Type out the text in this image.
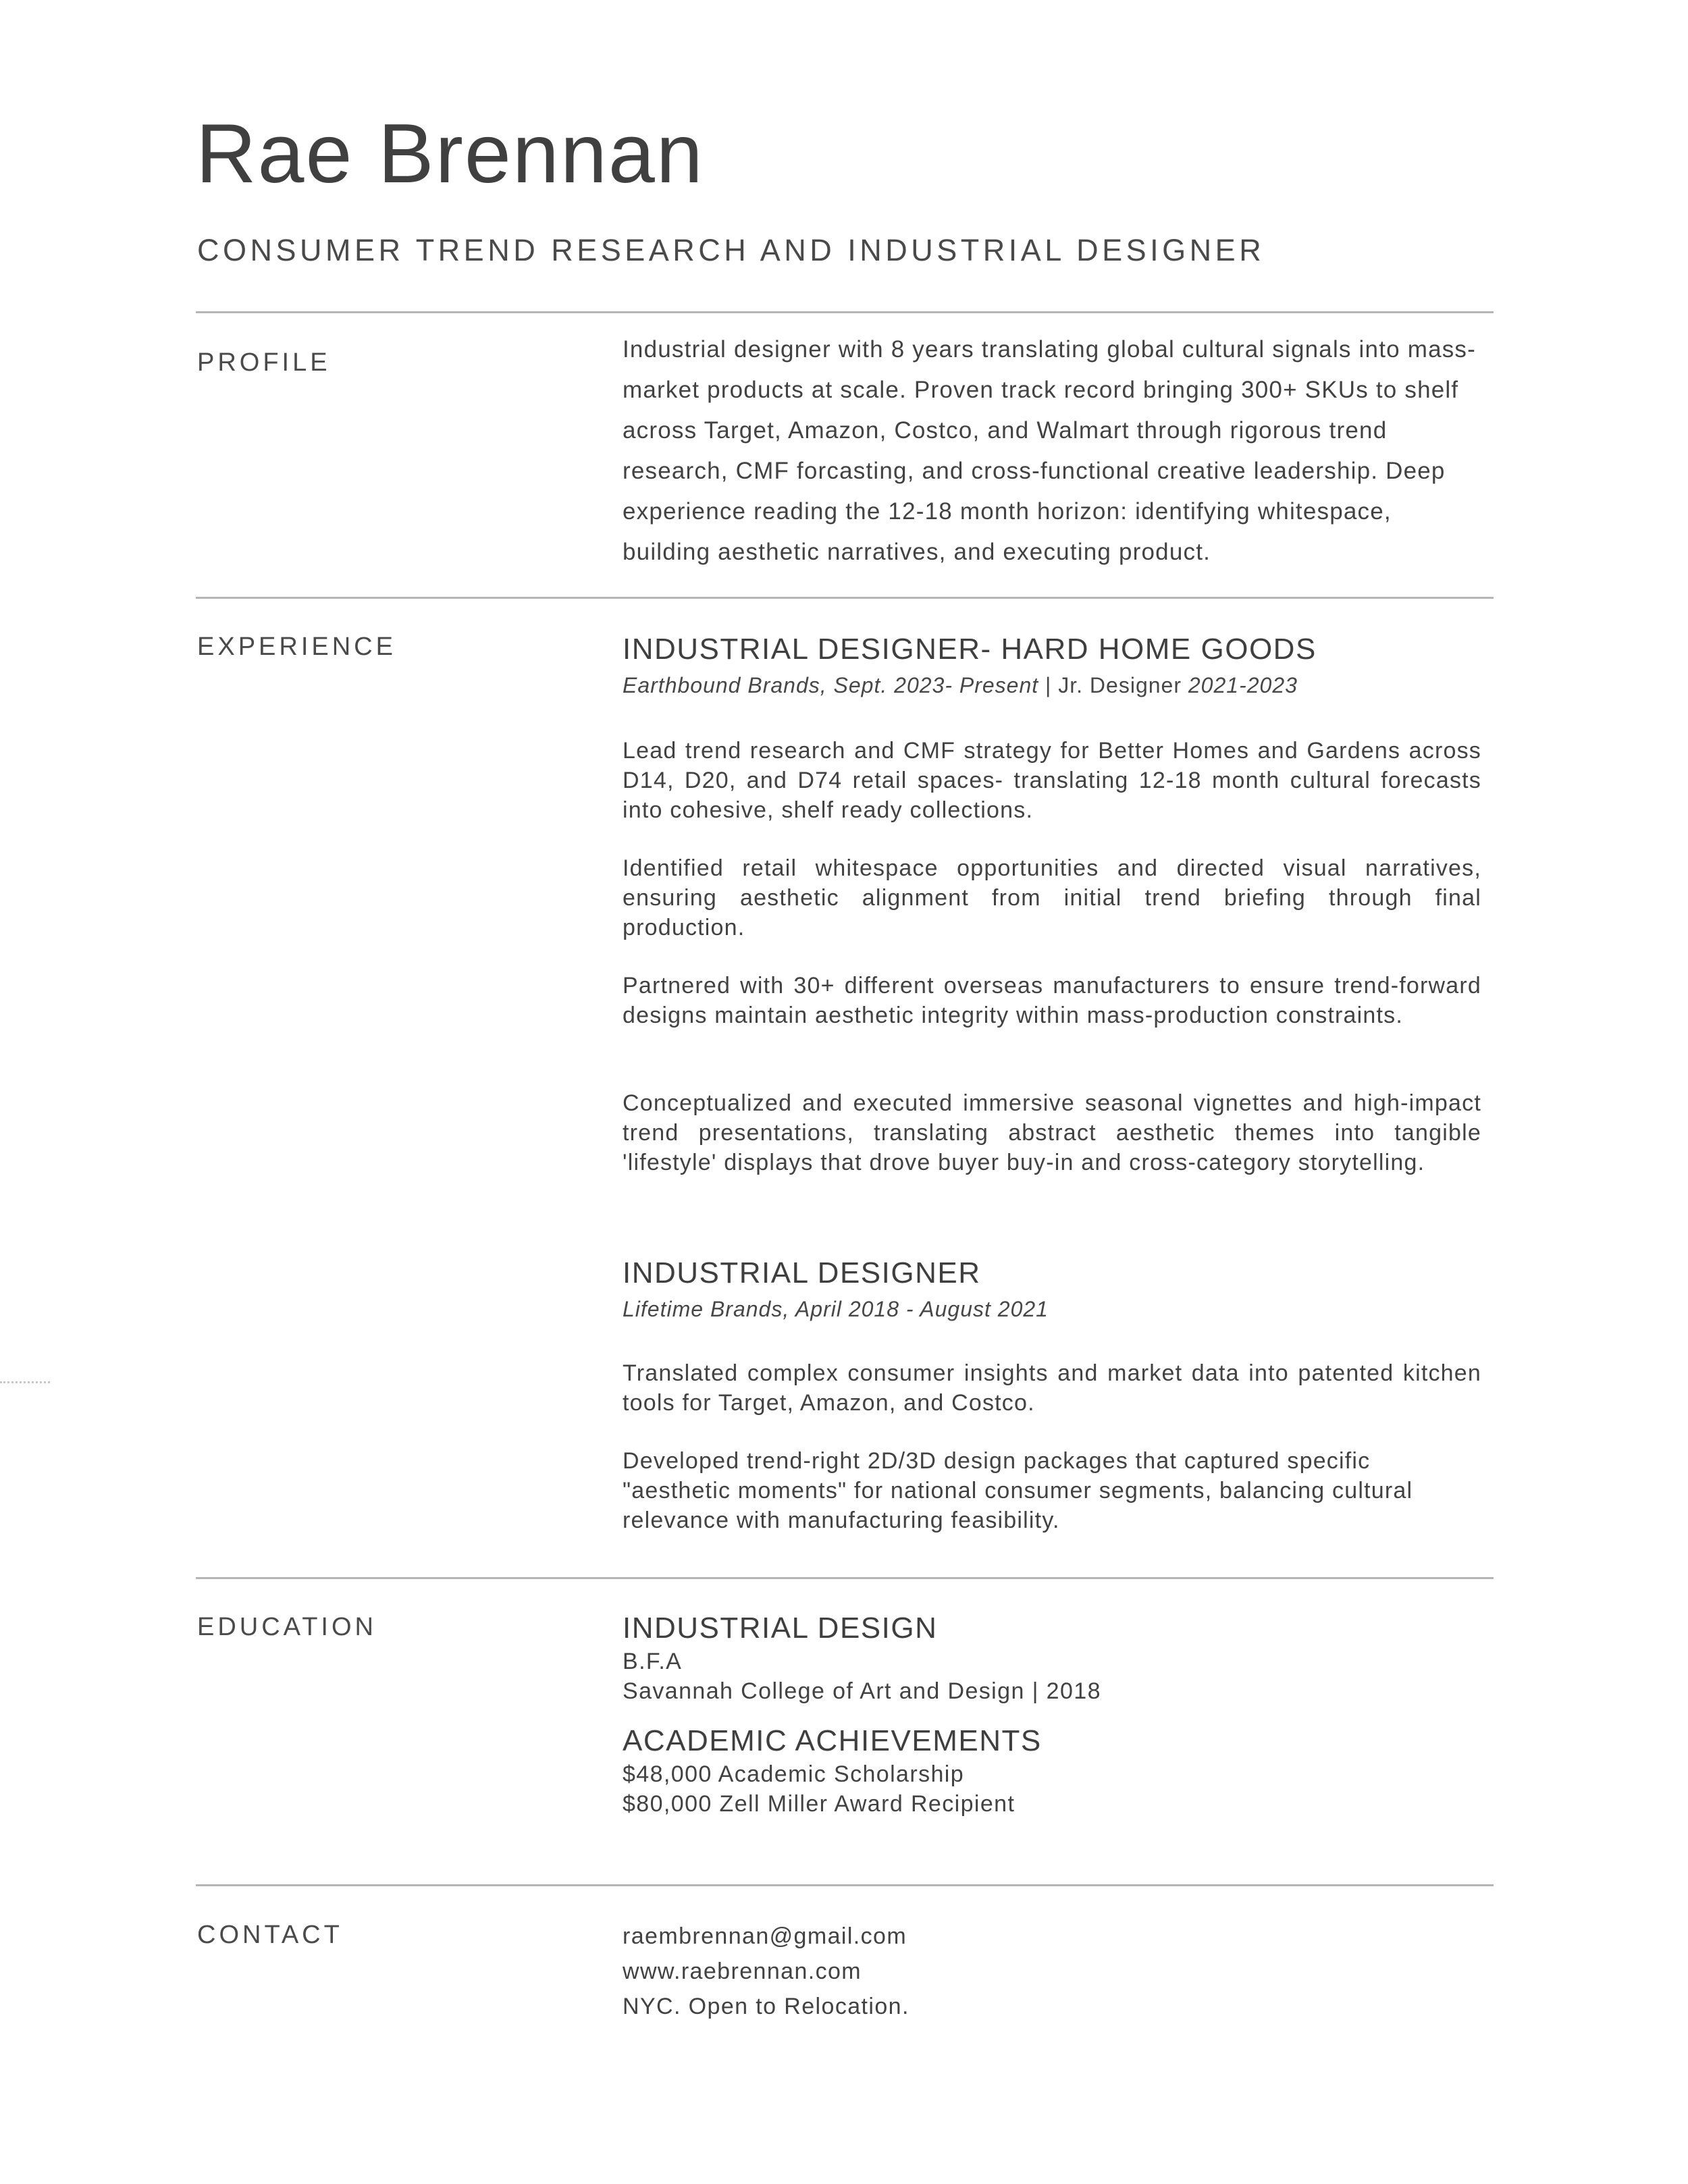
Rae Brennan

CONSUMER TREND RESEARCH AND INDUSTRIAL DESIGNER

PROFILE	Industrial designer with 8 years translating global cultural signals into mass-market products at scale. Proven track record bringing 300+ SKUs to shelf across Target, Amazon, Costco, and Walmart through rigorous trend research, CMF forcasting, and cross-functional creative leadership. Deep experience reading the 12-18 month horizon: identifying whitespace, building aesthetic narratives, and executing product.

EXPERIENCE	INDUSTRIAL DESIGNER- HARD HOME GOODS

Earthbound Brands, Sept. 2023- Present | Jr. Designer 2021-2023

Lead trend research and CMF strategy for Better Homes and Gardens across D14, D20, and D74 retail spaces- translating 12-18 month cultural forecasts into cohesive, shelf ready collections.

Identified retail whitespace opportunities and directed visual narratives, ensuring aesthetic alignment from initial trend briefing through final production.

Partnered with 30+ different overseas manufacturers to ensure trend-forward designs maintain aesthetic integrity within mass-production constraints.

Conceptualized and executed immersive seasonal vignettes and high-impact trend presentations, translating abstract aesthetic themes into tangible 'lifestyle' displays that drove buyer buy-in and cross-category storytelling.

INDUSTRIAL DESIGNER

Lifetime Brands, April 2018 - August 2021

Translated complex consumer insights and market data into patented kitchen tools for Target, Amazon, and Costco.

Developed trend-right 2D/3D design packages that captured specific "aesthetic moments" for national consumer segments, balancing cultural relevance with manufacturing feasibility.

EDUCATION	INDUSTRIAL DESIGN

B.F.A

Savannah College of Art and Design | 2018

ACADEMIC ACHIEVEMENTS

$48,000 Academic Scholarship

$80,000 Zell Miller Award Recipient

CONTACT	raembrennan@gmail.com

www.raebrennan.com

NYC. Open to Relocation.
